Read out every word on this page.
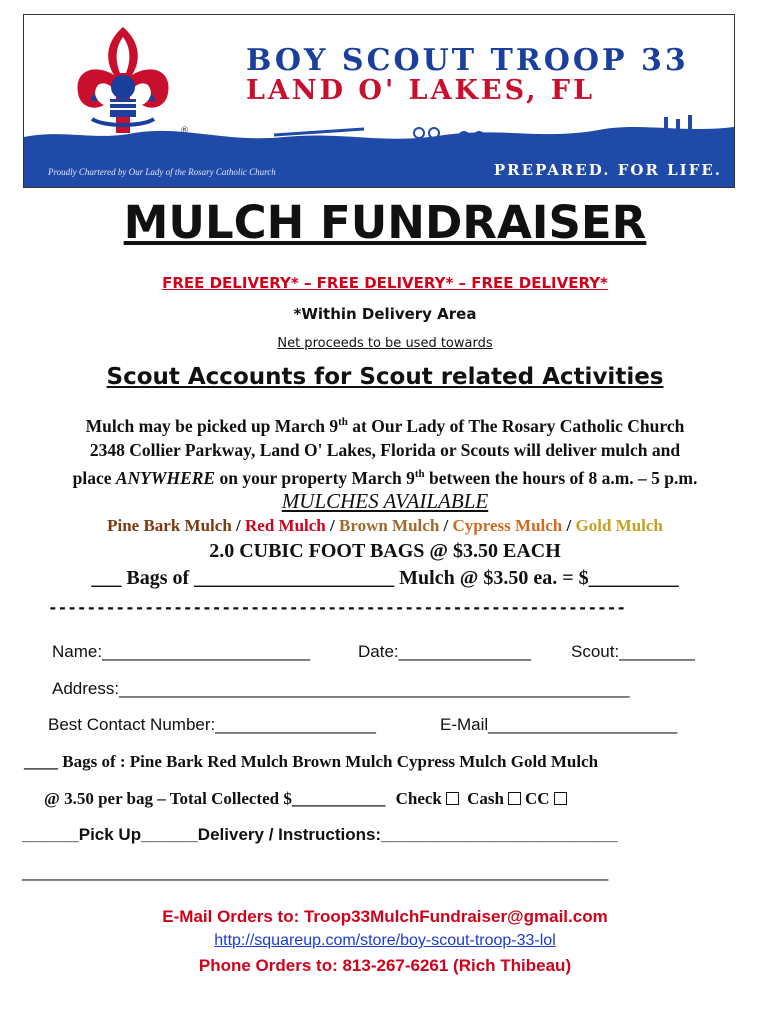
®
BOY SCOUT TROOP 33
LAND O' LAKES, FL
Proudly Chartered by Our Lady of the Rosary Catholic Church	PREPARED. FOR LIFE.
MULCH FUNDRAISER
FREE DELIVERY* – FREE DELIVERY* – FREE DELIVERY*
*Within Delivery Area
Net proceeds to be used towards
Scout Accounts for Scout related Activities
Mulch may be picked up March 9th at Our Lady of The Rosary Catholic Church
2348 Collier Parkway, Land O' Lakes, Florida or Scouts will deliver mulch and
place ANYWHERE on your property March 9th between the hours of 8 a.m. – 5 p.m.
MULCHES AVAILABLE
Pine Bark Mulch / Red Mulch / Brown Mulch / Cypress Mulch / Gold Mulch
2.0 CUBIC FOOT BAGS @ $3.50 EACH
___ Bags of ____________________ Mulch @ $3.50 ea. = $_________
------------------------------------------------------------
Name:______________________	Date:______________ Scout:________
Address:______________________________________________________
Best Contact Number:_________________	E-Mail____________________
____ Bags of : Pine Bark Red Mulch Brown Mulch Cypress Mulch Gold Mulch
@ 3.50 per bag – Total Collected $___________ Check Cash CC
______Pick Up______Delivery / Instructions:_________________________
______________________________________________________________
E-Mail Orders to: Troop33MulchFundraiser@gmail.com
http://squareup.com/store/boy-scout-troop-33-lol
Phone Orders to: 813-267-6261 (Rich Thibeau)
